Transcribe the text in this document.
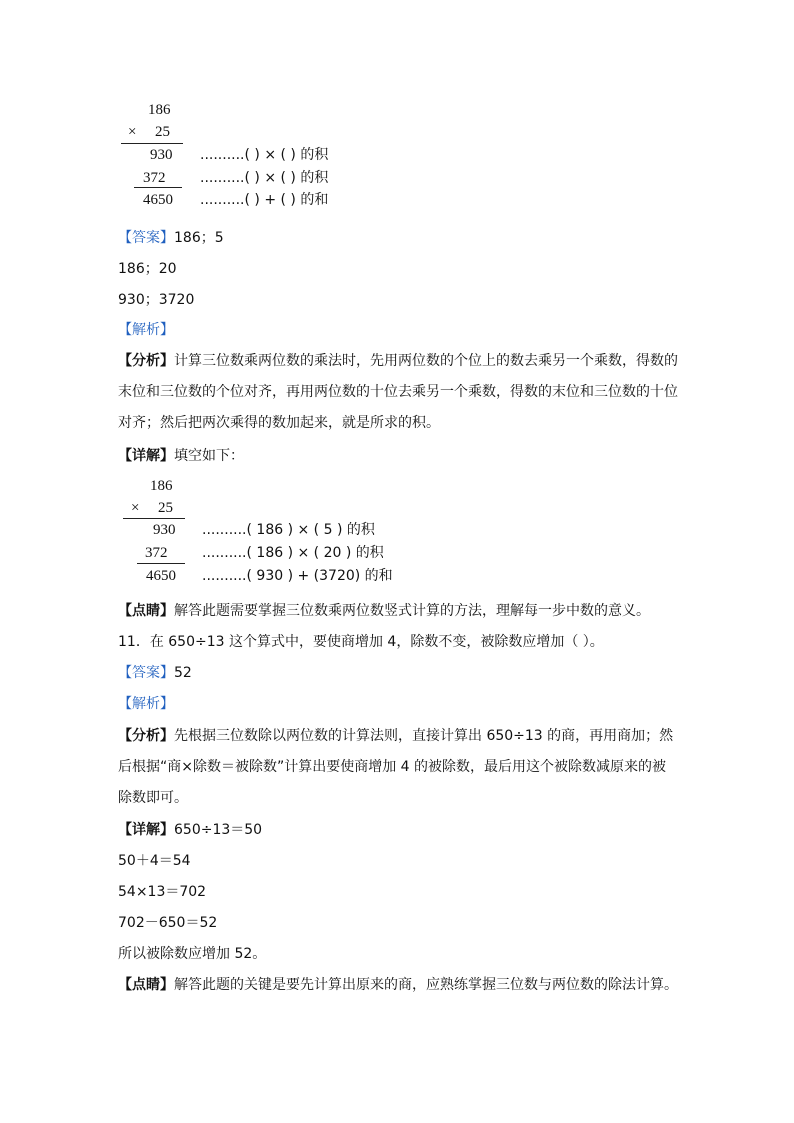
186
× 25
930 ..........( ) × ( ) 的积
372 ..........( ) × ( ) 的积
4650 ..........( ) + ( ) 的和
【答案】186；5
186；20
930；3720
【解析】
【分析】计算三位数乘两位数的乘法时，先用两位数的个位上的数去乘另一个乘数，得数的末位和三位数的个位对齐，再用两位数的十位去乘另一个乘数，得数的末位和三位数的十位对齐；然后把两次乘得的数加起来，就是所求的积。
【详解】填空如下：
186
× 25
930 ..........( 186 ) × ( 5 ) 的积
372 ..........( 186 ) × ( 20 ) 的积
4650 ..........( 930 ) + (3720) 的和
【点睛】解答此题需要掌握三位数乘两位数竖式计算的方法，理解每一步中数的意义。
11．在 650÷13 这个算式中，要使商增加 4，除数不变，被除数应增加（ ）。
【答案】52
【解析】
【分析】先根据三位数除以两位数的计算法则，直接计算出 650÷13 的商，再用商加；然后根据“商×除数＝被除数”计算出要使商增加 4 的被除数，最后用这个被除数减原来的被除数即可。
【详解】650÷13＝50
50＋4＝54
54×13＝702
702－650＝52
所以被除数应增加 52。
【点睛】解答此题的关键是要先计算出原来的商，应熟练掌握三位数与两位数的除法计算。
